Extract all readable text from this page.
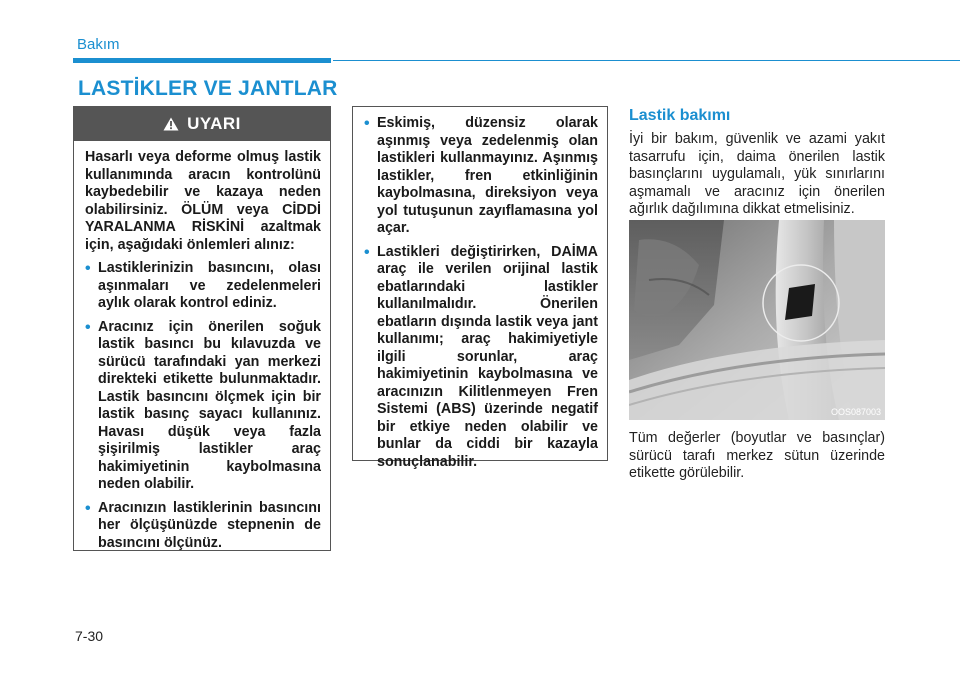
Bakım
LASTİKLER VE JANTLAR
UYARI

Hasarlı veya deforme olmuş lastik kullanımında aracın kontrolünü kaybedebilir ve kazaya neden olabilirsiniz. ÖLÜM veya CİDDİ YARALANMA RİSKİNİ azaltmak için, aşağıdaki önlemleri alınız:

• Lastiklerinizin basıncını, olası aşınmaları ve zedelenmeleri aylık olarak kontrol ediniz.
• Aracınız için önerilen soğuk lastik basıncı bu kılavuzda ve sürücü tarafındaki yan merkezi direkteki etikette bulunmaktadır. Lastik basıncını ölçmek için bir lastik basınç sayacı kullanınız. Havası düşük veya fazla şişirilmiş lastikler araç hakimiyetinin kaybolmasına neden olabilir.
• Aracınızın lastiklerinin basıncını her ölçüşünüzde stepnenin de basıncını ölçünüz.
• Eskimiş, düzensiz olarak aşınmış veya zedelenmiş olan lastikleri kullanmayınız. Aşınmış lastikler, fren etkinliğinin kaybolmasına, direksiyon veya yol tutuşunun zayıflamasına yol açar.
• Lastikleri değiştirirken, DAİMA araç ile verilen orijinal lastik ebatlarındaki lastikler kullanılmalıdır. Önerilen ebatların dışında lastik veya jant kullanımı; araç hakimiyetiyle ilgili sorunlar, araç hakimiyetinin kaybolmasına ve aracınızın Kilitlenmeyen Fren Sistemi (ABS) üzerinde negatif bir etkiye neden olabilir ve bunlar da ciddi bir kazayla sonuçlanabilir.
Lastik bakımı
İyi bir bakım, güvenlik ve azami yakıt tasarrufu için, daima önerilen lastik basınçlarını uygulamalı, yük sınırlarını aşmamalı ve aracınız için önerilen ağırlık dağılımına dikkat etmelisiniz.
OOS087003
Tüm değerler (boyutlar ve basınçlar) sürücü tarafı merkez sütun üzerinde etikette görülebilir.
7-30
